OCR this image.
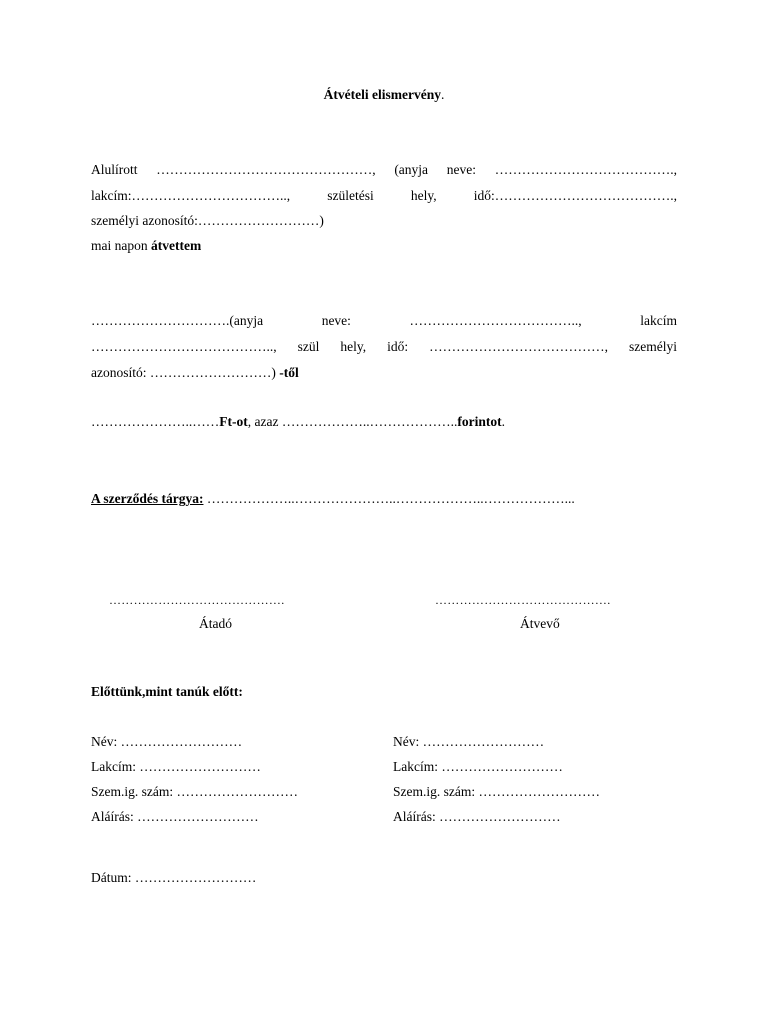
Átvételi elismervény.
Alulírott …………………………………………, (anyja neve: ………………………………….,
lakcím:……………………………..,	születési	hely,	idő:………………………………….,
személyi azonosító:………………………)
mai napon átvettem
………………………….(anyja	neve:	………………………………..,	lakcím
………………………………….., szül hely, idő: …………………………………, személyi
azonosító: ………………………) -től
…………………..……Ft-ot, azaz ………………..………………..forintot.
A szerződés tárgya: ………………..…………………..………………..………………...
…………………………………….	…………………………………….
Átadó	Átvevő
Előttünk,mint tanúk előtt:
Név: ………………………
Lakcím: ………………………
Szem.ig. szám: ………………………
Aláírás: ………………………
Név: ………………………
Lakcím: ………………………
Szem.ig. szám: ………………………
Aláírás: ………………………
Dátum: ………………………
